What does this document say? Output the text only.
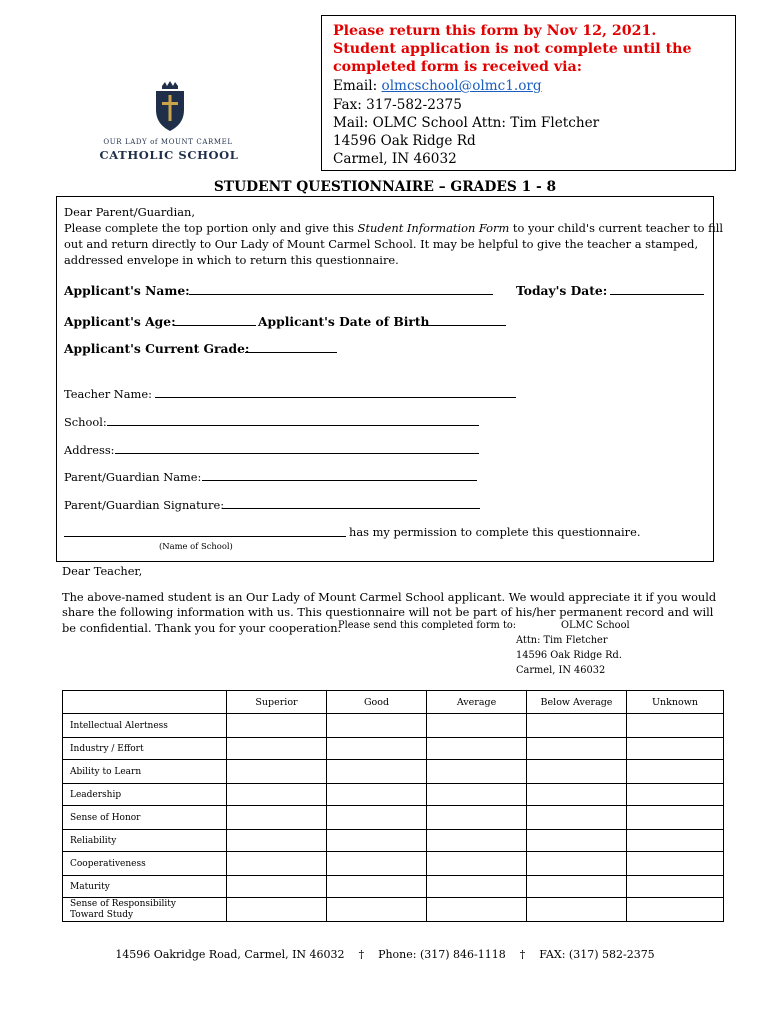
OUR LADY of MOUNT CARMEL
CATHOLIC SCHOOL
Please return this form by Nov 12, 2021.
Student application is not complete until the
completed form is received via:
Email: olmcschool@olmc1.org
Fax: 317-582-2375
Mail: OLMC School Attn: Tim Fletcher
14596 Oak Ridge Rd
Carmel, IN 46032
STUDENT QUESTIONNAIRE – GRADES 1 - 8
Dear Parent/Guardian,
Please complete the top portion only and give this Student Information Form to your child's current teacher to fill
out and return directly to Our Lady of Mount Carmel School. It may be helpful to give the teacher a stamped,
addressed envelope in which to return this questionnaire.
Applicant's Name:	Today's Date:
Applicant's Age:	Applicant's Date of Birth
Applicant's Current Grade:
Teacher Name:
School:
Address:
Parent/Guardian Name:
Parent/Guardian Signature:
has my permission to complete this questionnaire.
(Name of School)
Dear Teacher,
The above-named student is an Our Lady of Mount Carmel School applicant. We would appreciate it if you would
share the following information with us. This questionnaire will not be part of his/her permanent record and will
be confidential. Thank you for your cooperation.
Please send this completed form to:	OLMC School
Attn: Tim Fletcher
14596 Oak Ridge Rd.
Carmel, IN 46032
	Superior	Good	Average	Below Average	Unknown
Intellectual Alertness					
Industry / Effort					
Ability to Learn					
Leadership					
Sense of Honor					
Reliability					
Cooperativeness					
Maturity					

Sense of Responsibility
Toward Study					

14596 Oakridge Road, Carmel, IN 46032 † Phone: (317) 846-1118 † FAX: (317) 582-2375
